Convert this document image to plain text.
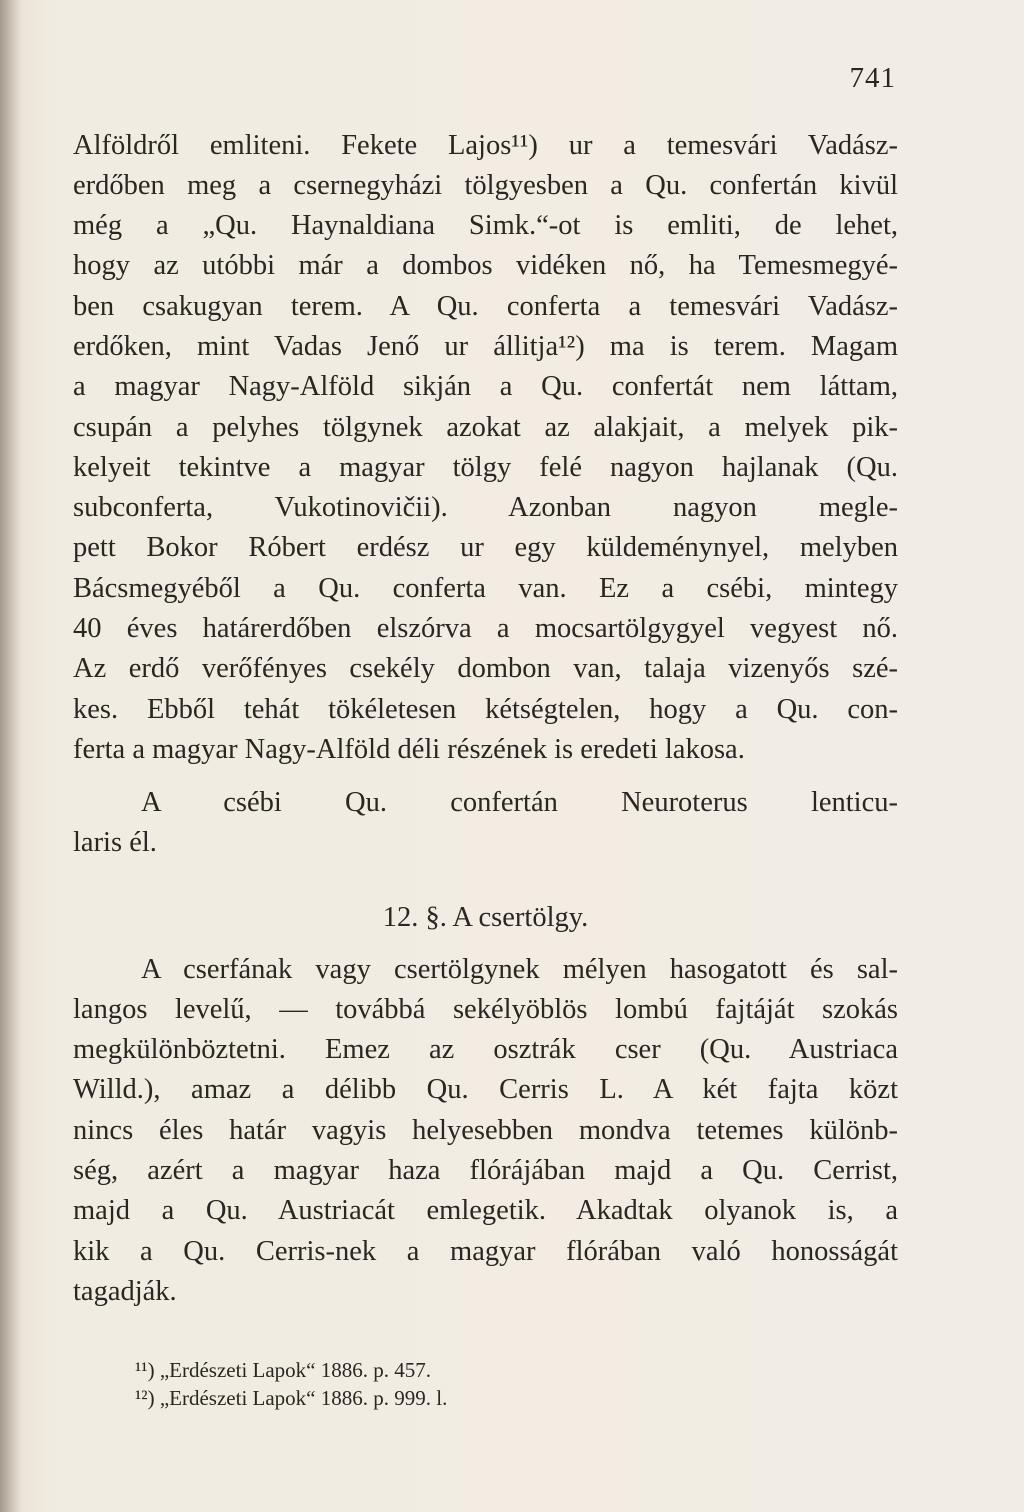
741
Alföldről emliteni. Fekete Lajos¹¹) ur a temesvári Vadász-
erdőben meg a csernegyházi tölgyesben a Qu. confertán kivül
még a „Qu. Haynaldiana Simk.“-ot is emliti, de lehet,
hogy az utóbbi már a dombos vidéken nő, ha Temesmegyé-
ben csakugyan terem. A Qu. conferta a temesvári Vadász-
erdőken, mint Vadas Jenő ur állitja¹²) ma is terem. Magam
a magyar Nagy-Alföld sikján a Qu. confertát nem láttam,
csupán a pelyhes tölgynek azokat az alakjait, a melyek pik-
kelyeit tekintve a magyar tölgy felé nagyon hajlanak (Qu.
subconferta, Vukotinovičii). Azonban nagyon megle-
pett Bokor Róbert erdész ur egy küldeménynyel, melyben
Bácsmegyéből a Qu. conferta van. Ez a csébi, mintegy
40 éves határerdőben elszórva a mocsartölgygyel vegyest nő.
Az erdő verőfényes csekély dombon van, talaja vizenyős szé-
kes. Ebből tehát tökéletesen kétségtelen, hogy a Qu. con-
ferta a magyar Nagy-Alföld déli részének is eredeti lakosa.
A csébi Qu. confertán Neuroterus lenticu-
laris él.
12. §. A csertölgy.
A cserfának vagy csertölgynek mélyen hasogatott és sal-
langos levelű, — továbbá sekélyöblös lombú fajtáját szokás
megkülönböztetni. Emez az osztrák cser (Qu. Austriaca
Willd.), amaz a délibb Qu. Cerris L. A két fajta közt
nincs éles határ vagyis helyesebben mondva tetemes különb-
ség, azért a magyar haza flórájában majd a Qu. Cerrist,
majd a Qu. Austriacát emlegetik. Akadtak olyanok is, a
kik a Qu. Cerris-nek a magyar flórában való honosságát
tagadják.
¹¹) „Erdészeti Lapok“ 1886. p. 457.
¹²) „Erdészeti Lapok“ 1886. p. 999. l.
